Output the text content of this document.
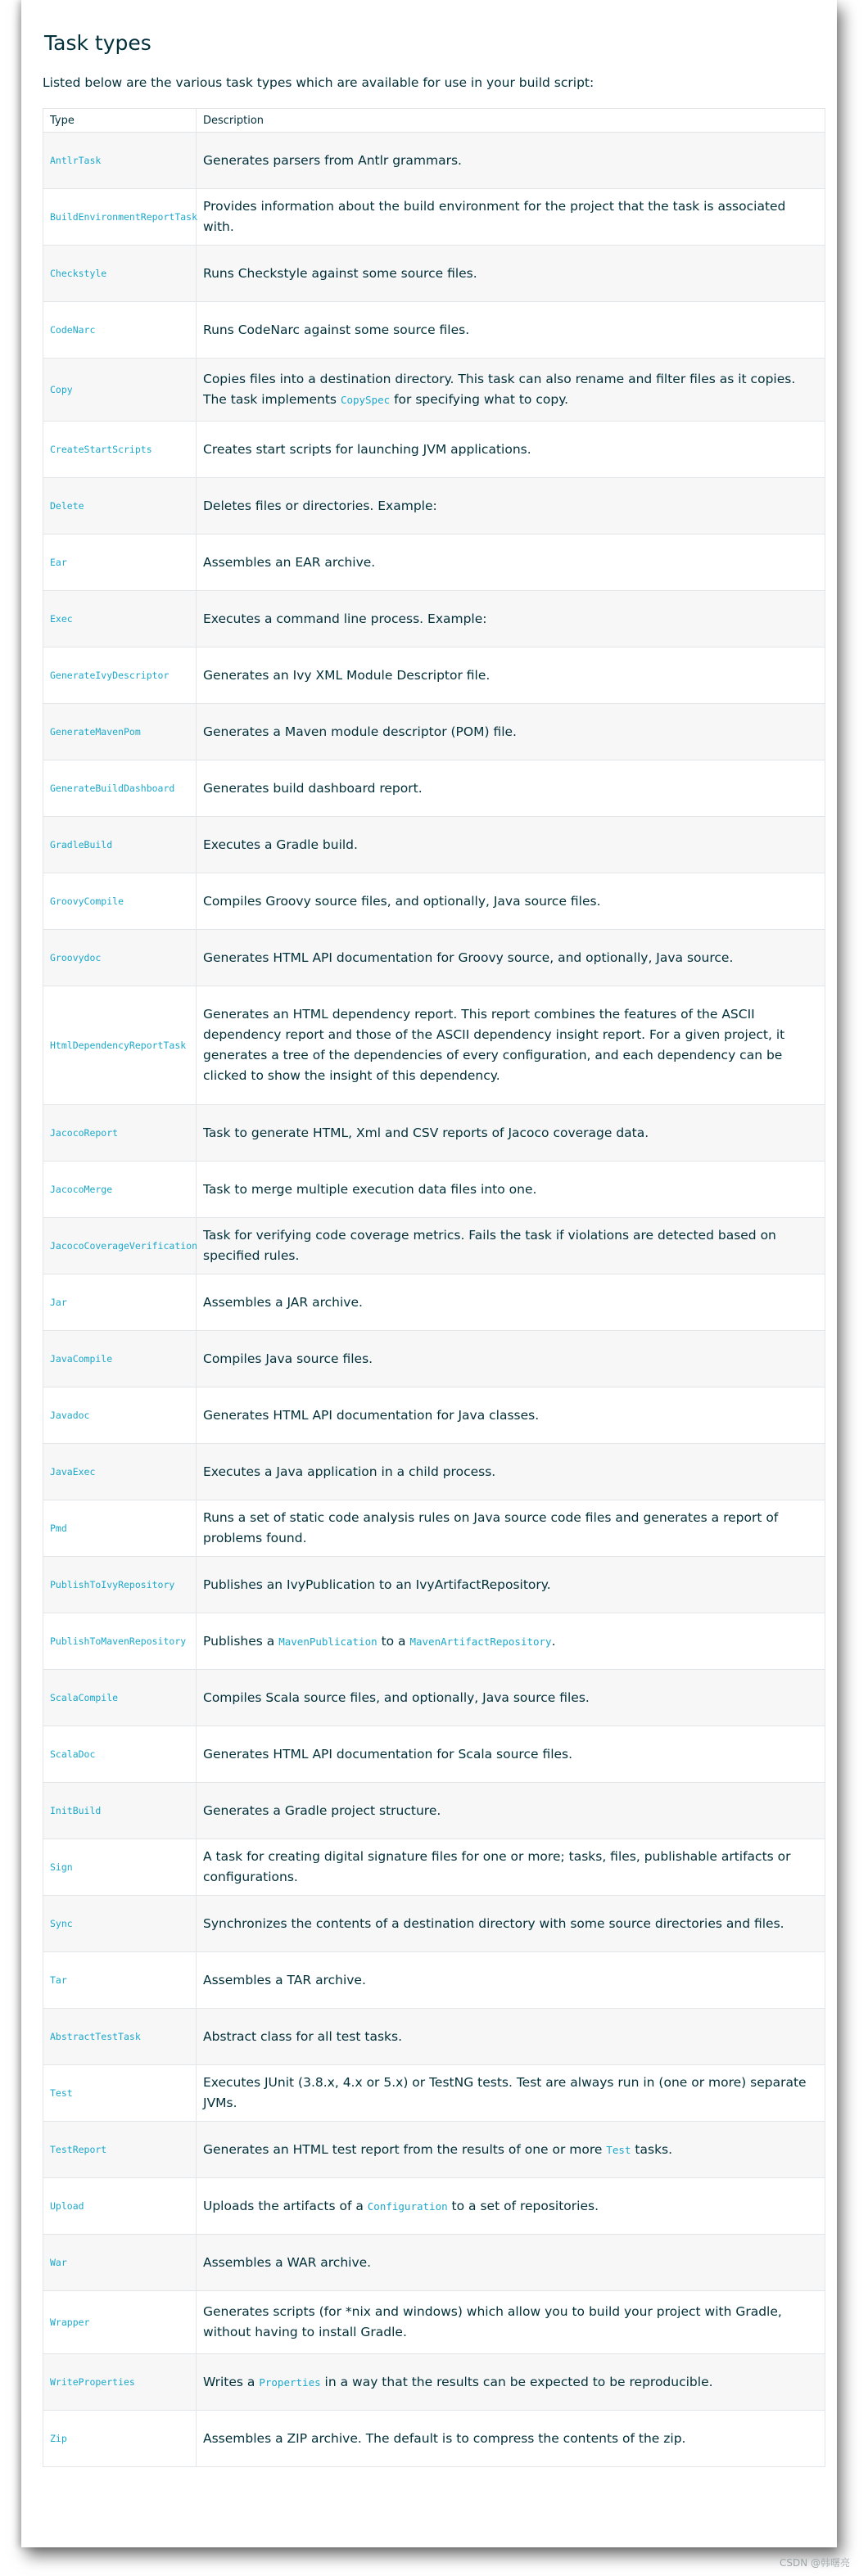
Task types
Listed below are the various task types which are available for use in your build script:
Type	Description
AntlrTask	Generates parsers from Antlr grammars.
BuildEnvironmentReportTask	Provides information about the build environment for the project that the task is associated with.
Checkstyle	Runs Checkstyle against some source files.
CodeNarc	Runs CodeNarc against some source files.
Copy	Copies files into a destination directory. This task can also rename and filter files as it copies. The task implements CopySpec for specifying what to copy.
CreateStartScripts	Creates start scripts for launching JVM applications.
Delete	Deletes files or directories. Example:
Ear	Assembles an EAR archive.
Exec	Executes a command line process. Example:
GenerateIvyDescriptor	Generates an Ivy XML Module Descriptor file.
GenerateMavenPom	Generates a Maven module descriptor (POM) file.
GenerateBuildDashboard	Generates build dashboard report.
GradleBuild	Executes a Gradle build.
GroovyCompile	Compiles Groovy source files, and optionally, Java source files.
Groovydoc	Generates HTML API documentation for Groovy source, and optionally, Java source.
HtmlDependencyReportTask	Generates an HTML dependency report. This report combines the features of the ASCII dependency report and those of the ASCII dependency insight report. For a given project, it generates a tree of the dependencies of every configuration, and each dependency can be clicked to show the insight of this dependency.
JacocoReport	Task to generate HTML, Xml and CSV reports of Jacoco coverage data.
JacocoMerge	Task to merge multiple execution data files into one.
JacocoCoverageVerification	Task for verifying code coverage metrics. Fails the task if violations are detected based on specified rules.
Jar	Assembles a JAR archive.
JavaCompile	Compiles Java source files.
Javadoc	Generates HTML API documentation for Java classes.
JavaExec	Executes a Java application in a child process.
Pmd	Runs a set of static code analysis rules on Java source code files and generates a report of problems found.
PublishToIvyRepository	Publishes an IvyPublication to an IvyArtifactRepository.
PublishToMavenRepository	Publishes a MavenPublication to a MavenArtifactRepository.
ScalaCompile	Compiles Scala source files, and optionally, Java source files.
ScalaDoc	Generates HTML API documentation for Scala source files.
InitBuild	Generates a Gradle project structure.
Sign	A task for creating digital signature files for one or more; tasks, files, publishable artifacts or configurations.
Sync	Synchronizes the contents of a destination directory with some source directories and files.
Tar	Assembles a TAR archive.
AbstractTestTask	Abstract class for all test tasks.
Test	Executes JUnit (3.8.x, 4.x or 5.x) or TestNG tests. Test are always run in (one or more) separate JVMs.
TestReport	Generates an HTML test report from the results of one or more Test tasks.
Upload	Uploads the artifacts of a Configuration to a set of repositories.
War	Assembles a WAR archive.
Wrapper	Generates scripts (for *nix and windows) which allow you to build your project with Gradle, without having to install Gradle.
WriteProperties	Writes a Properties in a way that the results can be expected to be reproducible.
Zip	Assembles a ZIP archive. The default is to compress the contents of the zip.
CSDN @韩曙亮
